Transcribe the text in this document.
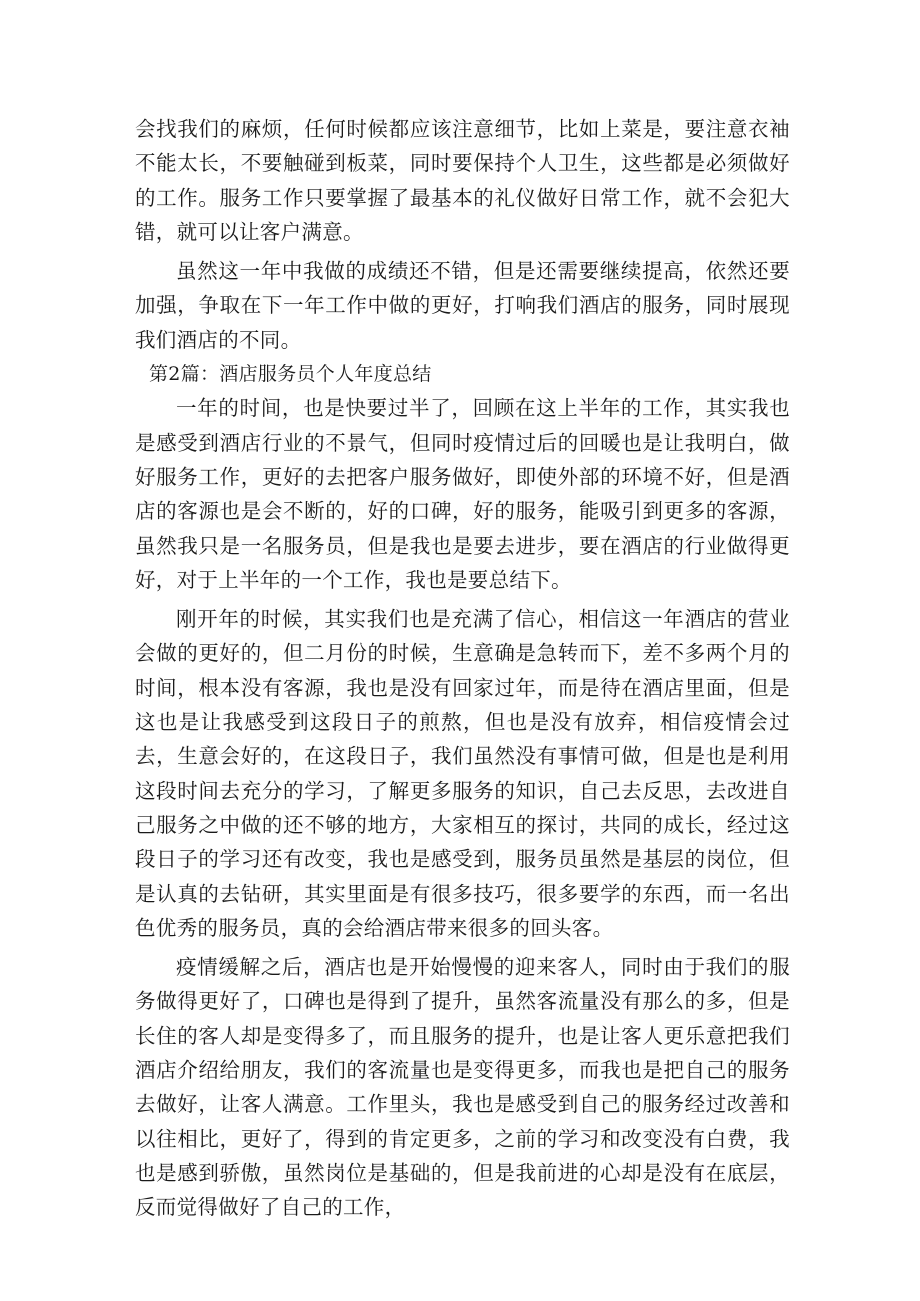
会找我们的麻烦，任何时候都应该注意细节，比如上菜是，要注意衣袖不能太长，不要触碰到板菜，同时要保持个人卫生，这些都是必须做好的工作。服务工作只要掌握了最基本的礼仪做好日常工作，就不会犯大错，就可以让客户满意。

虽然这一年中我做的成绩还不错，但是还需要继续提高，依然还要加强，争取在下一年工作中做的更好，打响我们酒店的服务，同时展现我们酒店的不同。

第2篇：酒店服务员个人年度总结

一年的时间，也是快要过半了，回顾在这上半年的工作，其实我也是感受到酒店行业的不景气，但同时疫情过后的回暖也是让我明白，做好服务工作，更好的去把客户服务做好，即使外部的环境不好，但是酒店的客源也是会不断的，好的口碑，好的服务，能吸引到更多的客源，虽然我只是一名服务员，但是我也是要去进步，要在酒店的行业做得更好，对于上半年的一个工作，我也是要总结下。

刚开年的时候，其实我们也是充满了信心，相信这一年酒店的营业会做的更好的，但二月份的时候，生意确是急转而下，差不多两个月的时间，根本没有客源，我也是没有回家过年，而是待在酒店里面，但是这也是让我感受到这段日子的煎熬，但也是没有放弃，相信疫情会过去，生意会好的，在这段日子，我们虽然没有事情可做，但是也是利用这段时间去充分的学习，了解更多服务的知识，自己去反思，去改进自己服务之中做的还不够的地方，大家相互的探讨，共同的成长，经过这段日子的学习还有改变，我也是感受到，服务员虽然是基层的岗位，但是认真的去钻研，其实里面是有很多技巧，很多要学的东西，而一名出色优秀的服务员，真的会给酒店带来很多的回头客。

疫情缓解之后，酒店也是开始慢慢的迎来客人，同时由于我们的服务做得更好了，口碑也是得到了提升，虽然客流量没有那么的多，但是长住的客人却是变得多了，而且服务的提升，也是让客人更乐意把我们酒店介绍给朋友，我们的客流量也是变得更多，而我也是把自己的服务去做好，让客人满意。工作里头，我也是感受到自己的服务经过改善和以往相比，更好了，得到的肯定更多，之前的学习和改变没有白费，我也是感到骄傲，虽然岗位是基础的，但是我前进的心却是没有在底层，反而觉得做好了自己的工作，
